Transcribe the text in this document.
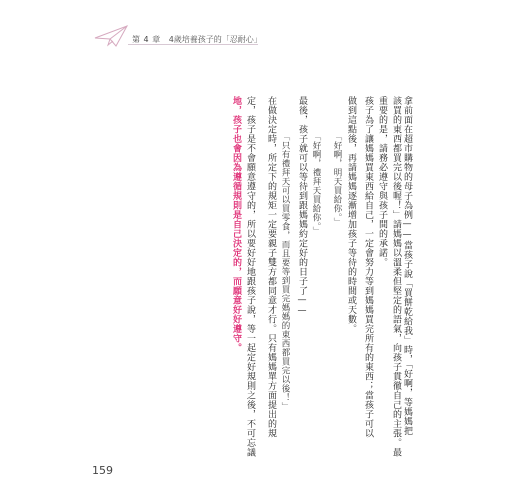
第 4 章 4歲培養孩子的「忍耐心」
拿前面在超市購物的母子為例——當孩子說「買餅乾給我」時，「好啊，等媽媽把
該買的東西都買完以後喔！」請媽媽以溫柔但堅定的語氣，向孩子貫徹自己的主張。最
重要的是，請務必遵守與孩子間的承諾。
孩子為了讓媽媽買東西給自己，一定會努力等到媽媽買完所有的東西；當孩子可以
做到這點後，再請媽媽逐漸增加孩子等待的時間或天數。
「好啊，明天買給你。」
「好啊，禮拜天買給你。」
最後，孩子就可以等待到跟媽媽約定好的日子了——
「只有禮拜天可以買零食，而且要等到買完媽媽的東西都買完以後！」
在做決定時，所定下的規矩一定要親子雙方都同意才行。只有媽媽單方面提出的規
定，孩子是不會願意遵守的，所以要好好地跟孩子說，等一起定好規則之後，不可忘議
地，孩子也會因為遵循規則是自己決定的，而願意好好遵守。
159
